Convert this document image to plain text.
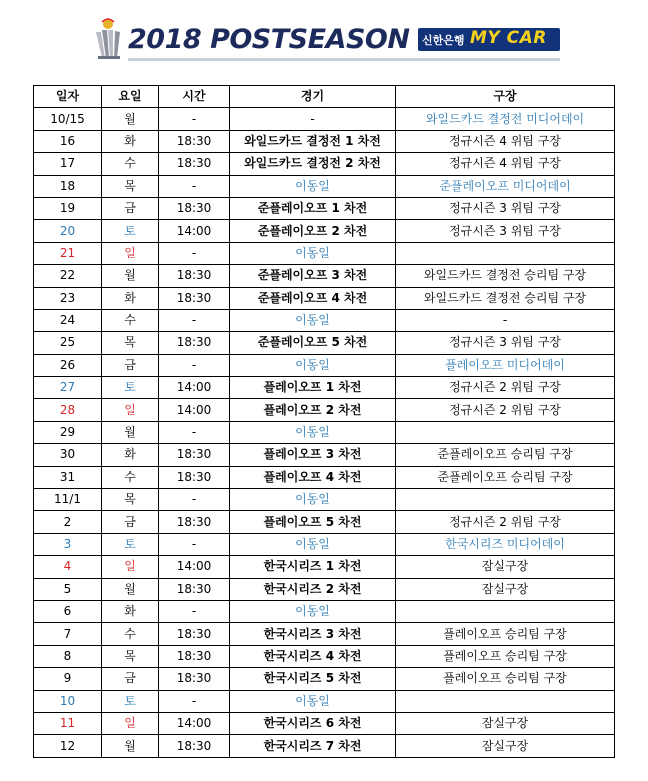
2018 POSTSEASON 신한은행 MY CAR
일자	요일	시간	경기	구장
10/15	월	-	-	와일드카드 결정전 미디어데이
16	화	18:30	와일드카드 결정전 1 차전	정규시즌 4 위팀 구장
17	수	18:30	와일드카드 결정전 2 차전	정규시즌 4 위팀 구장
18	목	-	이동일	준플레이오프 미디어데이
19	금	18:30	준플레이오프 1 차전	정규시즌 3 위팀 구장
20	토	14:00	준플레이오프 2 차전	정규시즌 3 위팀 구장
21	일	-	이동일	
22	월	18:30	준플레이오프 3 차전	와일드카드 결정전 승리팀 구장
23	화	18:30	준플레이오프 4 차전	와일드카드 결정전 승리팀 구장
24	수	-	이동일	-
25	목	18:30	준플레이오프 5 차전	정규시즌 3 위팀 구장
26	금	-	이동일	플레이오프 미디어데이
27	토	14:00	플레이오프 1 차전	정규시즌 2 위팀 구장
28	일	14:00	플레이오프 2 차전	정규시즌 2 위팀 구장
29	월	-	이동일	
30	화	18:30	플레이오프 3 차전	준플레이오프 승리팀 구장
31	수	18:30	플레이오프 4 차전	준플레이오프 승리팀 구장
11/1	목	-	이동일	
2	금	18:30	플레이오프 5 차전	정규시즌 2 위팀 구장
3	토	-	이동일	한국시리즈 미디어데이
4	일	14:00	한국시리즈 1 차전	잠실구장
5	월	18:30	한국시리즈 2 차전	잠실구장
6	화	-	이동일	
7	수	18:30	한국시리즈 3 차전	플레이오프 승리팀 구장
8	목	18:30	한국시리즈 4 차전	플레이오프 승리팀 구장
9	금	18:30	한국시리즈 5 차전	플레이오프 승리팀 구장
10	토	-	이동일	
11	일	14:00	한국시리즈 6 차전	잠실구장
12	월	18:30	한국시리즈 7 차전	잠실구장
